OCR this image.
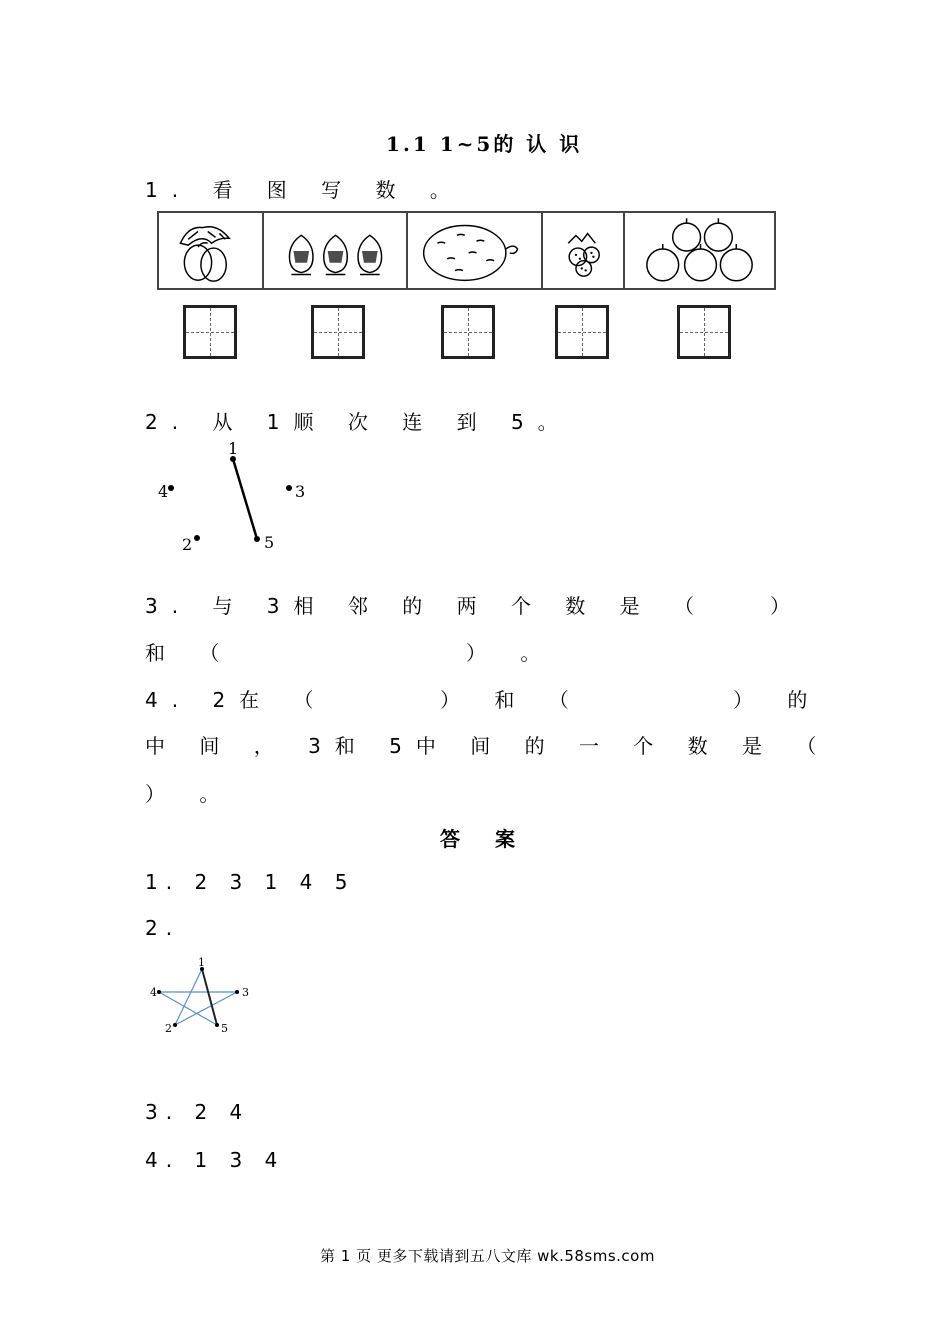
1.1 1~5的 认 识
1. 看 图 写 数 。
2. 从 1顺 次 连 到 5。
1
2
3
4
5
3. 与 3相 邻 的 两 个 数 是 （	）
和 （	） 。
4. 2在 （	） 和 （	） 的
中 间 ， 3和 5中 间 的 一 个 数 是 （
） 。
答 案
1. 2 3 1 4 5
2.
1
2
3
4
5
3. 2 4
4. 1 3 4
第 1 页 更多下载请到五八文库 wk.58sms.com
